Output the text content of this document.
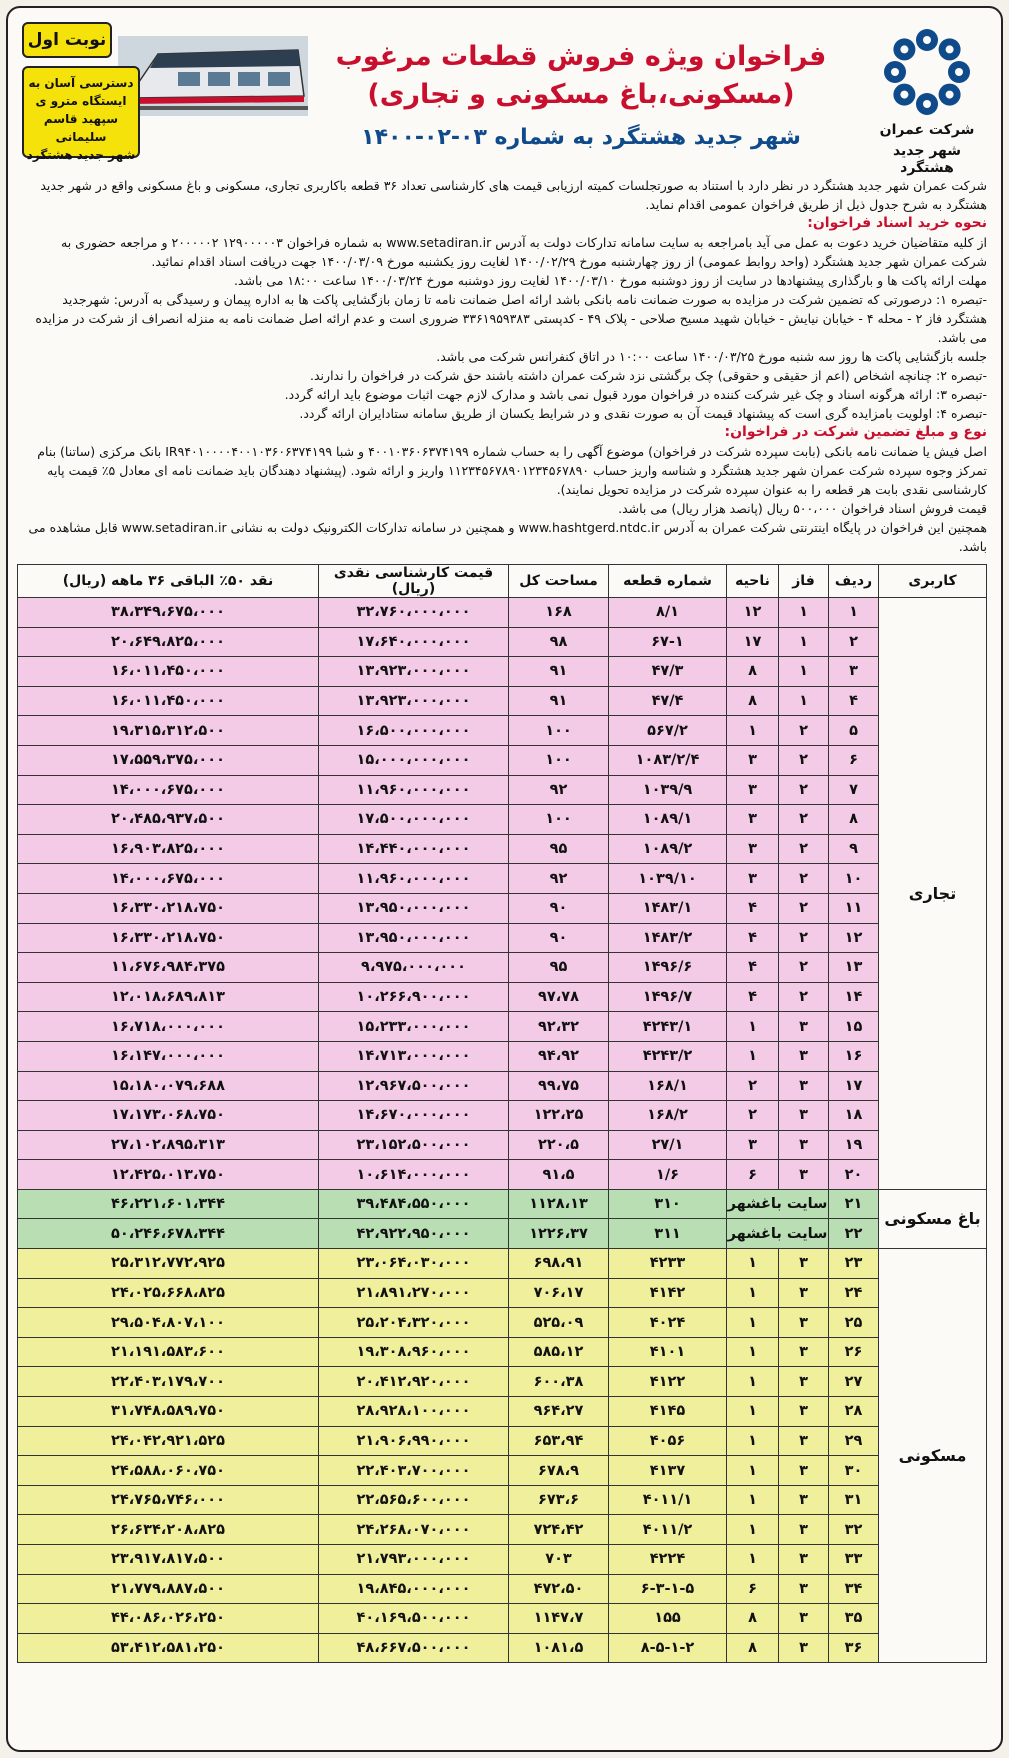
شرکت عمران
شهر جدید هشتگرد
فراخوان ویژه فروش قطعات مرغوب
(مسکونی،باغ مسکونی و تجاری)
شهر جدید هشتگرد به شماره ۰۳-۰۲-۱۴۰۰
نوبت اول
دسترسی آسان به
ایستگاه مترو ی
سپهبد قاسم سلیمانی
شهر جدید هشتگرد

شرکت عمران شهر جدید هشتگرد در نظر دارد با استناد به صورتجلسات کمیته ارزیابی قیمت های کارشناسی تعداد ۳۶ قطعه باکاربری تجاری، مسکونی و باغ مسکونی واقع در شهر جدید هشتگرد به شرح جدول ذیل از طریق فراخوان عمومی اقدام نماید.

نحوه خرید اسناد فراخوان:

از کلیه متقاضیان خرید دعوت به عمل می آید بامراجعه به سایت سامانه تدارکات دولت به آدرس www.setadiran.ir به شماره فراخوان ۱۲۹۰۰۰۰۰۳ ۲۰۰۰۰۰۲ و مراجعه حضوری به شرکت عمران شهر جدید هشتگرد (واحد روابط عمومی) از روز چهارشنبه مورخ ۱۴۰۰/۰۲/۲۹ لغایت روز یکشنبه مورخ ۱۴۰۰/۰۳/۰۹ جهت دریافت اسناد اقدام نمائید.

مهلت ارائه پاکت ها و بارگذاری پیشنهادها در سایت از روز دوشنبه مورخ ۱۴۰۰/۰۳/۱۰ لغایت روز دوشنبه مورخ ۱۴۰۰/۰۳/۲۴ ساعت ۱۸:۰۰ می باشد.

-تبصره ۱: درصورتی که تضمین شرکت در مزایده به صورت ضمانت نامه بانکی باشد ارائه اصل ضمانت نامه تا زمان بازگشایی پاکت ها به اداره پیمان و رسیدگی به آدرس: شهرجدید هشتگرد فاز ۲ - محله ۴ - خیابان نیایش - خیابان شهید مسیح صلاحی - پلاک ۴۹ - کدپستی ۳۳۶۱۹۵۹۳۸۳ ضروری است و عدم ارائه اصل ضمانت نامه به منزله انصراف از شرکت در مزایده می باشد.

جلسه بازگشایی پاکت ها روز سه شنبه مورخ ۱۴۰۰/۰۳/۲۵ ساعت ۱۰:۰۰ در اتاق کنفرانس شرکت می باشد.

-تبصره ۲: چنانچه اشخاص (اعم از حقیقی و حقوقی) چک برگشتی نزد شرکت عمران داشته باشند حق شرکت در فراخوان را ندارند.

-تبصره ۳: ارائه هرگونه اسناد و چک غیر شرکت کننده در فراخوان مورد قبول نمی باشد و مدارک لازم جهت اثبات موضوع باید ارائه گردد.

-تبصره ۴: اولویت بامزایده گری است که پیشنهاد قیمت آن به صورت نقدی و در شرایط یکسان از طریق سامانه ستادایران ارائه گردد.

نوع و مبلغ تضمین شرکت در فراخوان:

اصل فیش یا ضمانت نامه بانکی (بابت سپرده شرکت در فراخوان) موضوع آگهی را به حساب شماره ۴۰۰۱۰۳۶۰۶۳۷۴۱۹۹ و شبا IR۹۴۰۱۰۰۰۰۴۰۰۱۰۳۶۰۶۳۷۴۱۹۹ بانک مرکزی (ساتنا) بنام تمرکز وجوه سپرده شرکت عمران شهر جدید هشتگرد و شناسه واریز حساب ۱۱۲۳۴۵۶۷۸۹۰۱۲۳۴۵۶۷۸۹۰ واریز و ارائه شود. (پیشنهاد دهندگان باید ضمانت نامه ای معادل ۵٪ قیمت پایه کارشناسی نقدی بابت هر قطعه را به عنوان سپرده شرکت در مزایده تحویل نمایند).

قیمت فروش اسناد فراخوان ۵۰۰،۰۰۰ ریال (پانصد هزار ریال) می باشد.

همچنین این فراخوان در پایگاه اینترنتی شرکت عمران به آدرس www.hashtgerd.ntdc.ir و همچنین در سامانه تدارکات الکترونیک دولت به نشانی www.setadiran.ir قابل مشاهده می باشد.

کاربری	ردیف	فاز	ناحیه	شماره قطعه	مساحت کل	قیمت کارشناسی نقدی (ریال)	نقد ۵۰٪ الباقی ۳۶ ماهه (ریال)
تجاری	۱	۱	۱۲	۸/۱	۱۶۸	۳۲،۷۶۰،۰۰۰،۰۰۰	۳۸،۳۴۹،۶۷۵،۰۰۰
	۲	۱	۱۷	۶۷-۱	۹۸	۱۷،۶۴۰،۰۰۰،۰۰۰	۲۰،۶۴۹،۸۲۵،۰۰۰
	۳	۱	۸	۴۷/۳	۹۱	۱۳،۹۲۳،۰۰۰،۰۰۰	۱۶،۰۱۱،۴۵۰،۰۰۰
	۴	۱	۸	۴۷/۴	۹۱	۱۳،۹۲۳،۰۰۰،۰۰۰	۱۶،۰۱۱،۴۵۰،۰۰۰
	۵	۲	۱	۵۶۷/۲	۱۰۰	۱۶،۵۰۰،۰۰۰،۰۰۰	۱۹،۳۱۵،۳۱۲،۵۰۰
	۶	۲	۳	۱۰۸۳/۲/۴	۱۰۰	۱۵،۰۰۰،۰۰۰،۰۰۰	۱۷،۵۵۹،۳۷۵،۰۰۰
	۷	۲	۳	۱۰۳۹/۹	۹۲	۱۱،۹۶۰،۰۰۰،۰۰۰	۱۴،۰۰۰،۶۷۵،۰۰۰
	۸	۲	۳	۱۰۸۹/۱	۱۰۰	۱۷،۵۰۰،۰۰۰،۰۰۰	۲۰،۴۸۵،۹۳۷،۵۰۰
	۹	۲	۳	۱۰۸۹/۲	۹۵	۱۴،۴۴۰،۰۰۰،۰۰۰	۱۶،۹۰۳،۸۲۵،۰۰۰
	۱۰	۲	۳	۱۰۳۹/۱۰	۹۲	۱۱،۹۶۰،۰۰۰،۰۰۰	۱۴،۰۰۰،۶۷۵،۰۰۰
	۱۱	۲	۴	۱۴۸۳/۱	۹۰	۱۳،۹۵۰،۰۰۰،۰۰۰	۱۶،۳۳۰،۲۱۸،۷۵۰
	۱۲	۲	۴	۱۴۸۳/۲	۹۰	۱۳،۹۵۰،۰۰۰،۰۰۰	۱۶،۳۳۰،۲۱۸،۷۵۰
	۱۳	۲	۴	۱۴۹۶/۶	۹۵	۹،۹۷۵،۰۰۰،۰۰۰	۱۱،۶۷۶،۹۸۴،۳۷۵
	۱۴	۲	۴	۱۴۹۶/۷	۹۷،۷۸	۱۰،۲۶۶،۹۰۰،۰۰۰	۱۲،۰۱۸،۶۸۹،۸۱۳
	۱۵	۳	۱	۴۲۴۳/۱	۹۲،۳۲	۱۵،۲۳۳،۰۰۰،۰۰۰	۱۶،۷۱۸،۰۰۰،۰۰۰
	۱۶	۳	۱	۴۲۴۳/۲	۹۴،۹۲	۱۴،۷۱۳،۰۰۰،۰۰۰	۱۶،۱۴۷،۰۰۰،۰۰۰
	۱۷	۳	۲	۱۶۸/۱	۹۹،۷۵	۱۲،۹۶۷،۵۰۰،۰۰۰	۱۵،۱۸۰،۰۷۹،۶۸۸
	۱۸	۳	۲	۱۶۸/۲	۱۲۲،۲۵	۱۴،۶۷۰،۰۰۰،۰۰۰	۱۷،۱۷۳،۰۶۸،۷۵۰
	۱۹	۳	۳	۲۷/۱	۲۲۰،۵	۲۳،۱۵۲،۵۰۰،۰۰۰	۲۷،۱۰۲،۸۹۵،۳۱۳
	۲۰	۳	۶	۱/۶	۹۱،۵	۱۰،۶۱۴،۰۰۰،۰۰۰	۱۲،۴۲۵،۰۱۳،۷۵۰
باغ مسکونی	۲۱	سایت باغشهر		۳۱۰	۱۱۲۸،۱۳	۳۹،۴۸۴،۵۵۰،۰۰۰	۴۶،۲۲۱،۶۰۱،۳۴۴
	۲۲	سایت باغشهر		۳۱۱	۱۲۲۶،۳۷	۴۲،۹۲۲،۹۵۰،۰۰۰	۵۰،۲۴۶،۶۷۸،۳۴۴
مسکونی	۲۳	۳	۱	۴۲۳۳	۶۹۸،۹۱	۲۳،۰۶۴،۰۳۰،۰۰۰	۲۵،۳۱۲،۷۷۲،۹۲۵
	۲۴	۳	۱	۴۱۴۲	۷۰۶،۱۷	۲۱،۸۹۱،۲۷۰،۰۰۰	۲۴،۰۲۵،۶۶۸،۸۲۵
	۲۵	۳	۱	۴۰۲۴	۵۲۵،۰۹	۲۵،۲۰۴،۳۲۰،۰۰۰	۲۹،۵۰۴،۸۰۷،۱۰۰
	۲۶	۳	۱	۴۱۰۱	۵۸۵،۱۲	۱۹،۳۰۸،۹۶۰،۰۰۰	۲۱،۱۹۱،۵۸۳،۶۰۰
	۲۷	۳	۱	۴۱۲۲	۶۰۰،۳۸	۲۰،۴۱۲،۹۲۰،۰۰۰	۲۲،۴۰۳،۱۷۹،۷۰۰
	۲۸	۳	۱	۴۱۴۵	۹۶۴،۲۷	۲۸،۹۲۸،۱۰۰،۰۰۰	۳۱،۷۴۸،۵۸۹،۷۵۰
	۲۹	۳	۱	۴۰۵۶	۶۵۳،۹۴	۲۱،۹۰۶،۹۹۰،۰۰۰	۲۴،۰۴۲،۹۲۱،۵۲۵
	۳۰	۳	۱	۴۱۳۷	۶۷۸،۹	۲۲،۴۰۳،۷۰۰،۰۰۰	۲۴،۵۸۸،۰۶۰،۷۵۰
	۳۱	۳	۱	۴۰۱۱/۱	۶۷۳،۶	۲۲،۵۶۵،۶۰۰،۰۰۰	۲۴،۷۶۵،۷۴۶،۰۰۰
	۳۲	۳	۱	۴۰۱۱/۲	۷۲۴،۴۲	۲۴،۲۶۸،۰۷۰،۰۰۰	۲۶،۶۳۴،۲۰۸،۸۲۵
	۳۳	۳	۱	۴۲۲۴	۷۰۳	۲۱،۷۹۳،۰۰۰،۰۰۰	۲۳،۹۱۷،۸۱۷،۵۰۰
	۳۴	۳	۶	۶-۳-۱-۵	۴۷۲،۵۰	۱۹،۸۴۵،۰۰۰،۰۰۰	۲۱،۷۷۹،۸۸۷،۵۰۰
	۳۵	۳	۸	۱۵۵	۱۱۴۷،۷	۴۰،۱۶۹،۵۰۰،۰۰۰	۴۴،۰۸۶،۰۲۶،۲۵۰
	۳۶	۳	۸	۸-۵-۱-۲	۱۰۸۱،۵	۴۸،۶۶۷،۵۰۰،۰۰۰	۵۳،۴۱۲،۵۸۱،۲۵۰
